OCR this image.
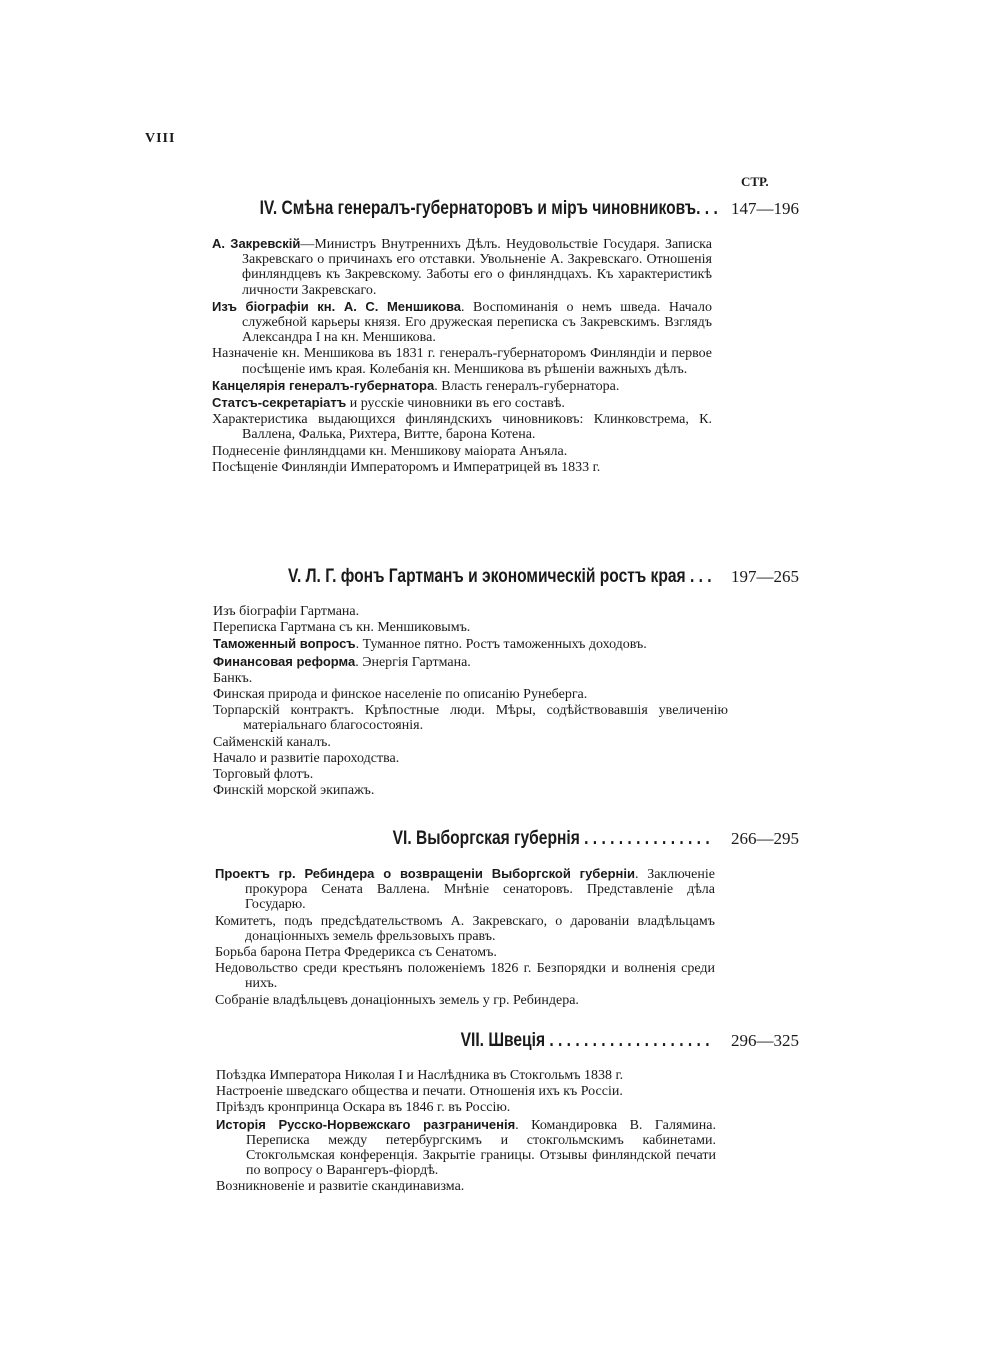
VIII
СТР.
IV. Смѣна генералъ-губернаторовъ и міръ чиновниковъ. . . 147—196

А. Закревскій—Министръ Внутреннихъ Дѣлъ. Неудовольствіе Государя. Записка Закревскаго о причинахъ его отставки. Увольненіе А. Закревскаго. Отношенія финляндцевъ къ Закревскому. Заботы его о финляндцахъ. Къ характеристикѣ личности Закревскаго.

Изъ біографіи кн. А. С. Меншикова. Воспоминанія о немъ шведа. Начало служебной карьеры князя. Его дружеская переписка съ Закревскимъ. Взглядъ Александра І на кн. Меншикова.

Назначеніе кн. Меншикова въ 1831 г. генералъ-губернаторомъ Финляндіи и первое посѣщеніе имъ края. Колебанія кн. Меншикова въ рѣшеніи важныхъ дѣлъ.

Канцелярія генералъ-губернатора. Власть генералъ-губернатора.

Статсъ-секретаріатъ и русскіе чиновники въ его составѣ.

Характеристика выдающихся финляндскихъ чиновниковъ: Клинковстрема, К. Валлена, Фалька, Рихтера, Витте, барона Котена.

Поднесеніе финляндцами кн. Меншикову маіората Анъяла.

Посѣщеніе Финляндіи Императоромъ и Императрицей въ 1833 г.

V. Л. Г. фонъ Гартманъ и экономическій ростъ края . . . 197—265

Изъ біографіи Гартмана.

Переписка Гартмана съ кн. Меншиковымъ.

Таможенный вопросъ. Туманное пятно. Ростъ таможенныхъ доходовъ.

Финансовая реформа. Энергія Гартмана.

Банкъ.

Финская природа и финское населеніе по описанію Рунеберга.

Торпарскій контрактъ. Крѣпостные люди. Мѣры, содѣйствовавшія увеличенію матеріальнаго благосостоянія.

Сайменскій каналъ.

Начало и развитіе пароходства.

Торговый флотъ.

Финскій морской экипажъ.

VI. Выборгская губернія . . . . . . . . . . . . . . . 266—295

Проектъ гр. Ребиндера о возвращеніи Выборгской губерніи. Заключеніе прокурора Сената Валлена. Мнѣніе сенаторовъ. Представленіе дѣла Государю.

Комитетъ, подъ предсѣдательствомъ А. Закревскаго, о дарованіи владѣльцамъ донаціонныхъ земель фрельзовыхъ правъ.

Борьба барона Петра Фредерикса съ Сенатомъ.

Недовольство среди крестьянъ положеніемъ 1826 г. Безпорядки и волненія среди нихъ.

Собраніе владѣльцевъ донаціонныхъ земель у гр. Ребиндера.

VII. Швеція . . . . . . . . . . . . . . . . . . . 296—325

Поѣздка Императора Николая I и Наслѣдника въ Стокгольмъ 1838 г.

Настроеніе шведскаго общества и печати. Отношенія ихъ къ Россіи.

Пріѣздъ кронпринца Оскара въ 1846 г. въ Россію.

Исторія Русско-Норвежскаго разграниченія. Командировка В. Галямина. Переписка между петербургскимъ и стокгольмскимъ кабинетами. Стокгольмская конференція. Закрытіе границы. Отзывы финляндской печати по вопросу о Варангеръ-фіордѣ.

Возникновеніе и развитіе скандинавизма.
